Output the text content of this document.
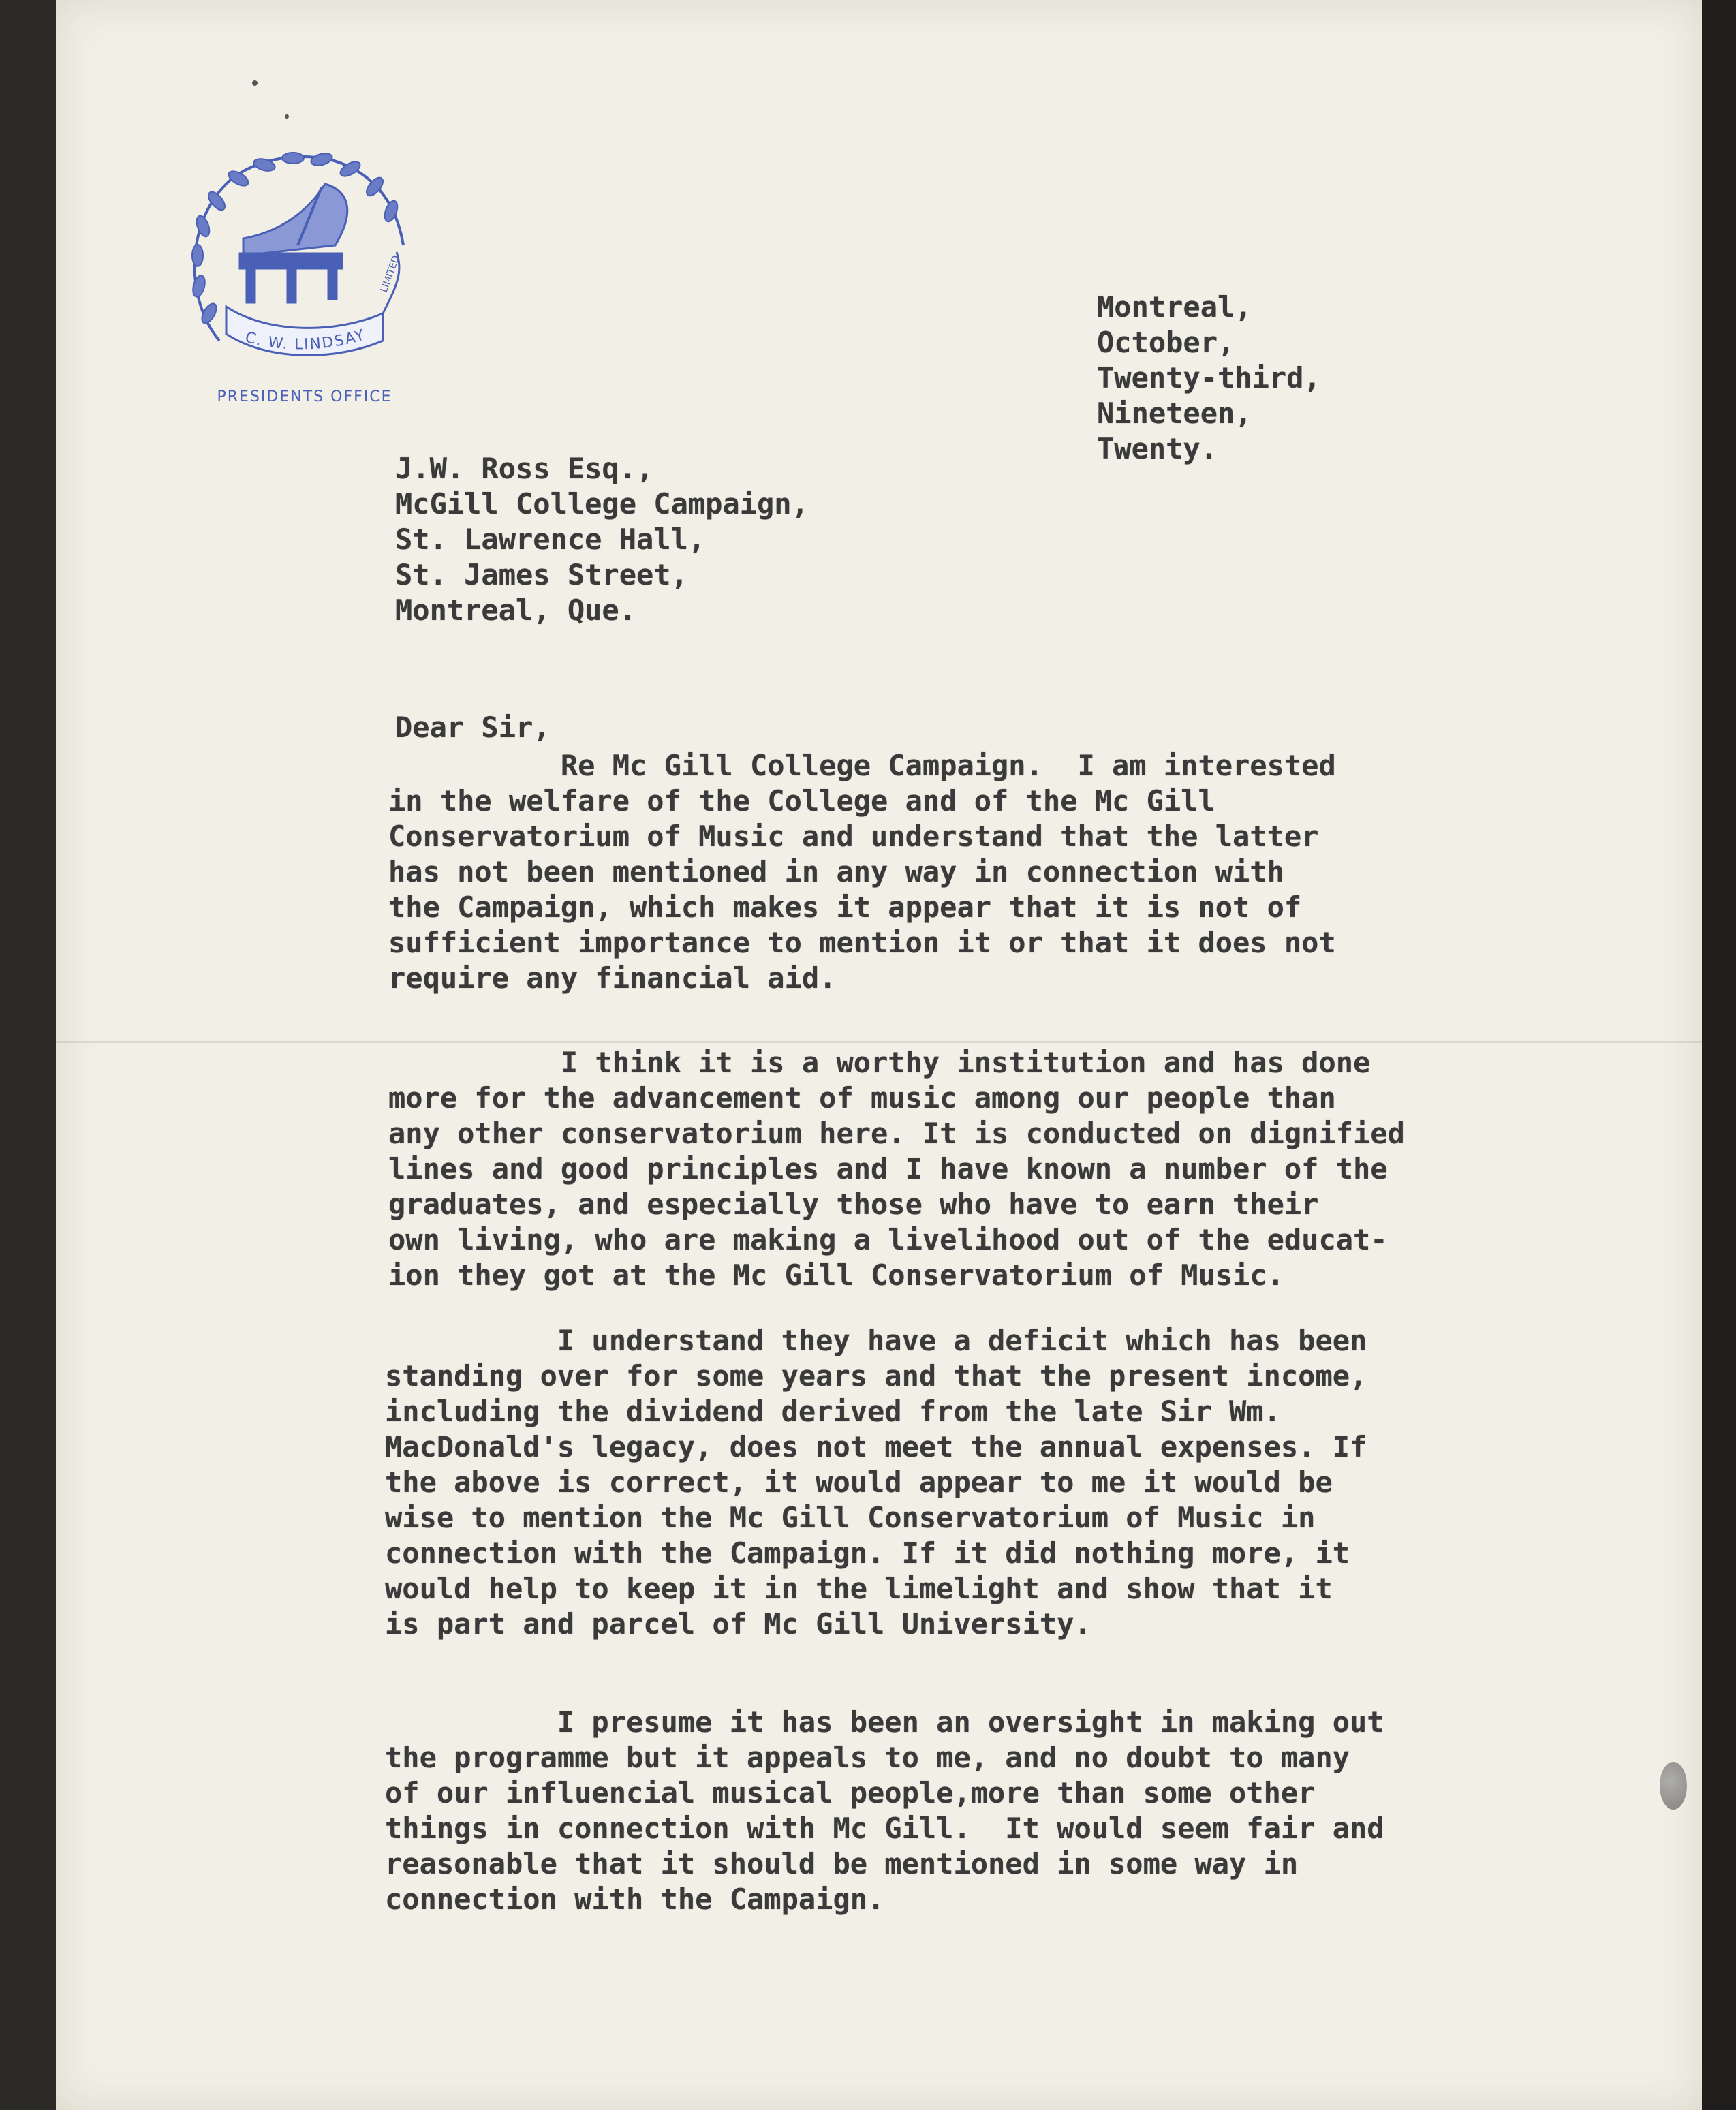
C. W. LINDSAY
LIMITED
PRESIDENTS OFFICE
Montreal,
October,
Twenty-third,
Nineteen,
Twenty.
J.W. Ross Esq.,
McGill College Campaign,
St. Lawrence Hall,
St. James Street,
Montreal, Que.
Dear Sir,
Re Mc Gill College Campaign.  I am interested
in the welfare of the College and of the Mc Gill
Conservatorium of Music and understand that the latter
has not been mentioned in any way in connection with
the Campaign, which makes it appear that it is not of
sufficient importance to mention it or that it does not
require any financial aid.
I think it is a worthy institution and has done
more for the advancement of music among our people than
any other conservatorium here. It is conducted on dignified
lines and good principles and I have known a number of the
graduates, and especially those who have to earn their
own living, who are making a livelihood out of the educat-
ion they got at the Mc Gill Conservatorium of Music.
I understand they have a deficit which has been
standing over for some years and that the present income,
including the dividend derived from the late Sir Wm.
MacDonald's legacy, does not meet the annual expenses. If
the above is correct, it would appear to me it would be
wise to mention the Mc Gill Conservatorium of Music in
connection with the Campaign. If it did nothing more, it
would help to keep it in the limelight and show that it
is part and parcel of Mc Gill University.
I presume it has been an oversight in making out
the programme but it appeals to me, and no doubt to many
of our influencial musical people,more than some other
things in connection with Mc Gill.  It would seem fair and
reasonable that it should be mentioned in some way in
connection with the Campaign.
